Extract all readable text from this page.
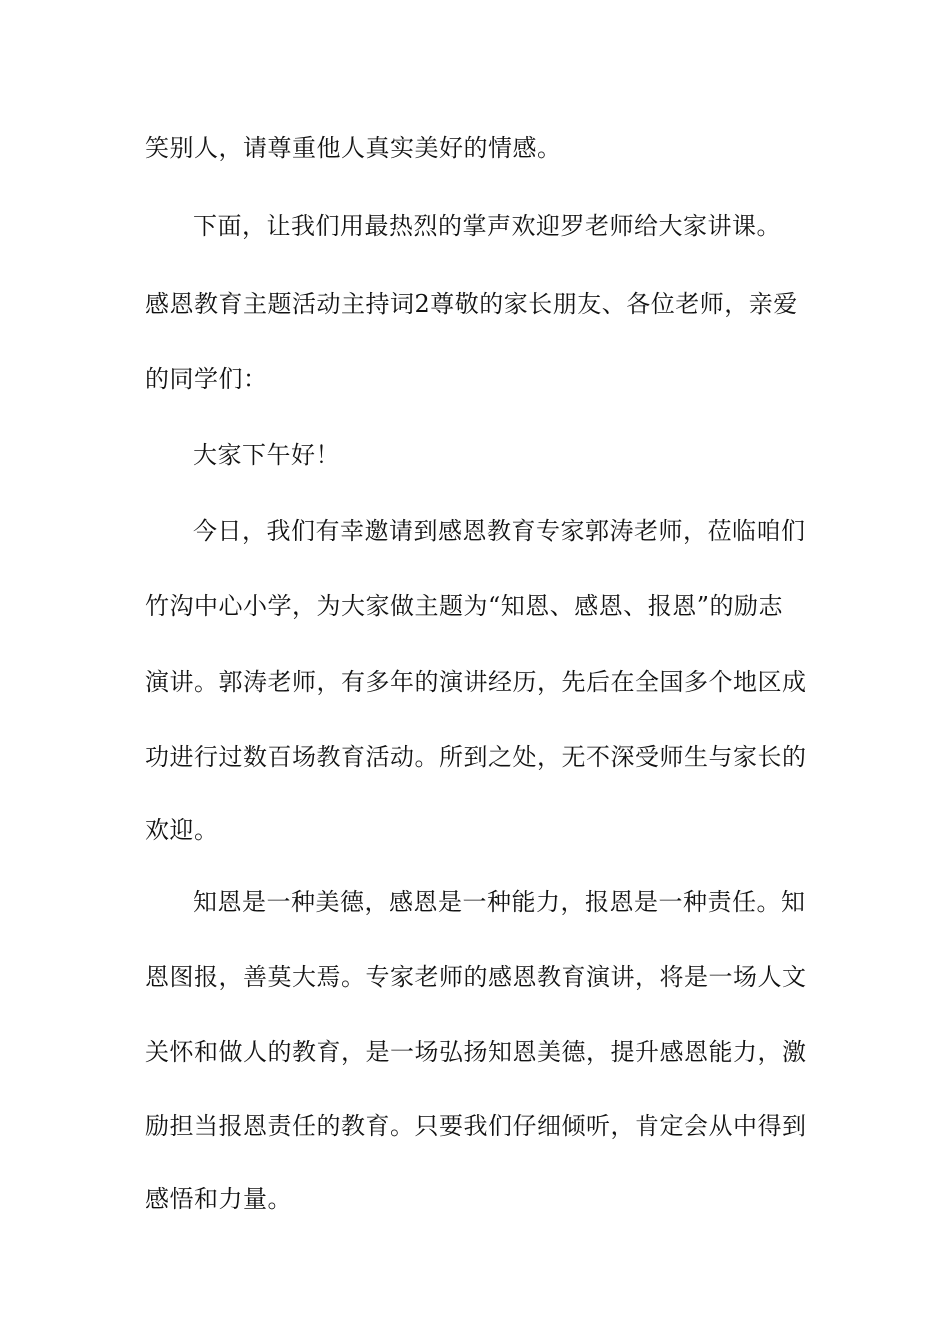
笑别人，请尊重他人真实美好的情感。
下面，让我们用最热烈的掌声欢迎罗老师给大家讲课。
感恩教育主题活动主持词2尊敬的家长朋友、各位老师，亲爱
的同学们：
大家下午好！
今日，我们有幸邀请到感恩教育专家郭涛老师，莅临咱们
竹沟中心小学，为大家做主题为“知恩、感恩、报恩”的励志
演讲。郭涛老师，有多年的演讲经历，先后在全国多个地区成
功进行过数百场教育活动。所到之处，无不深受师生与家长的
欢迎。
知恩是一种美德，感恩是一种能力，报恩是一种责任。知
恩图报，善莫大焉。专家老师的感恩教育演讲，将是一场人文
关怀和做人的教育，是一场弘扬知恩美德，提升感恩能力，激
励担当报恩责任的教育。只要我们仔细倾听，肯定会从中得到
感悟和力量。
